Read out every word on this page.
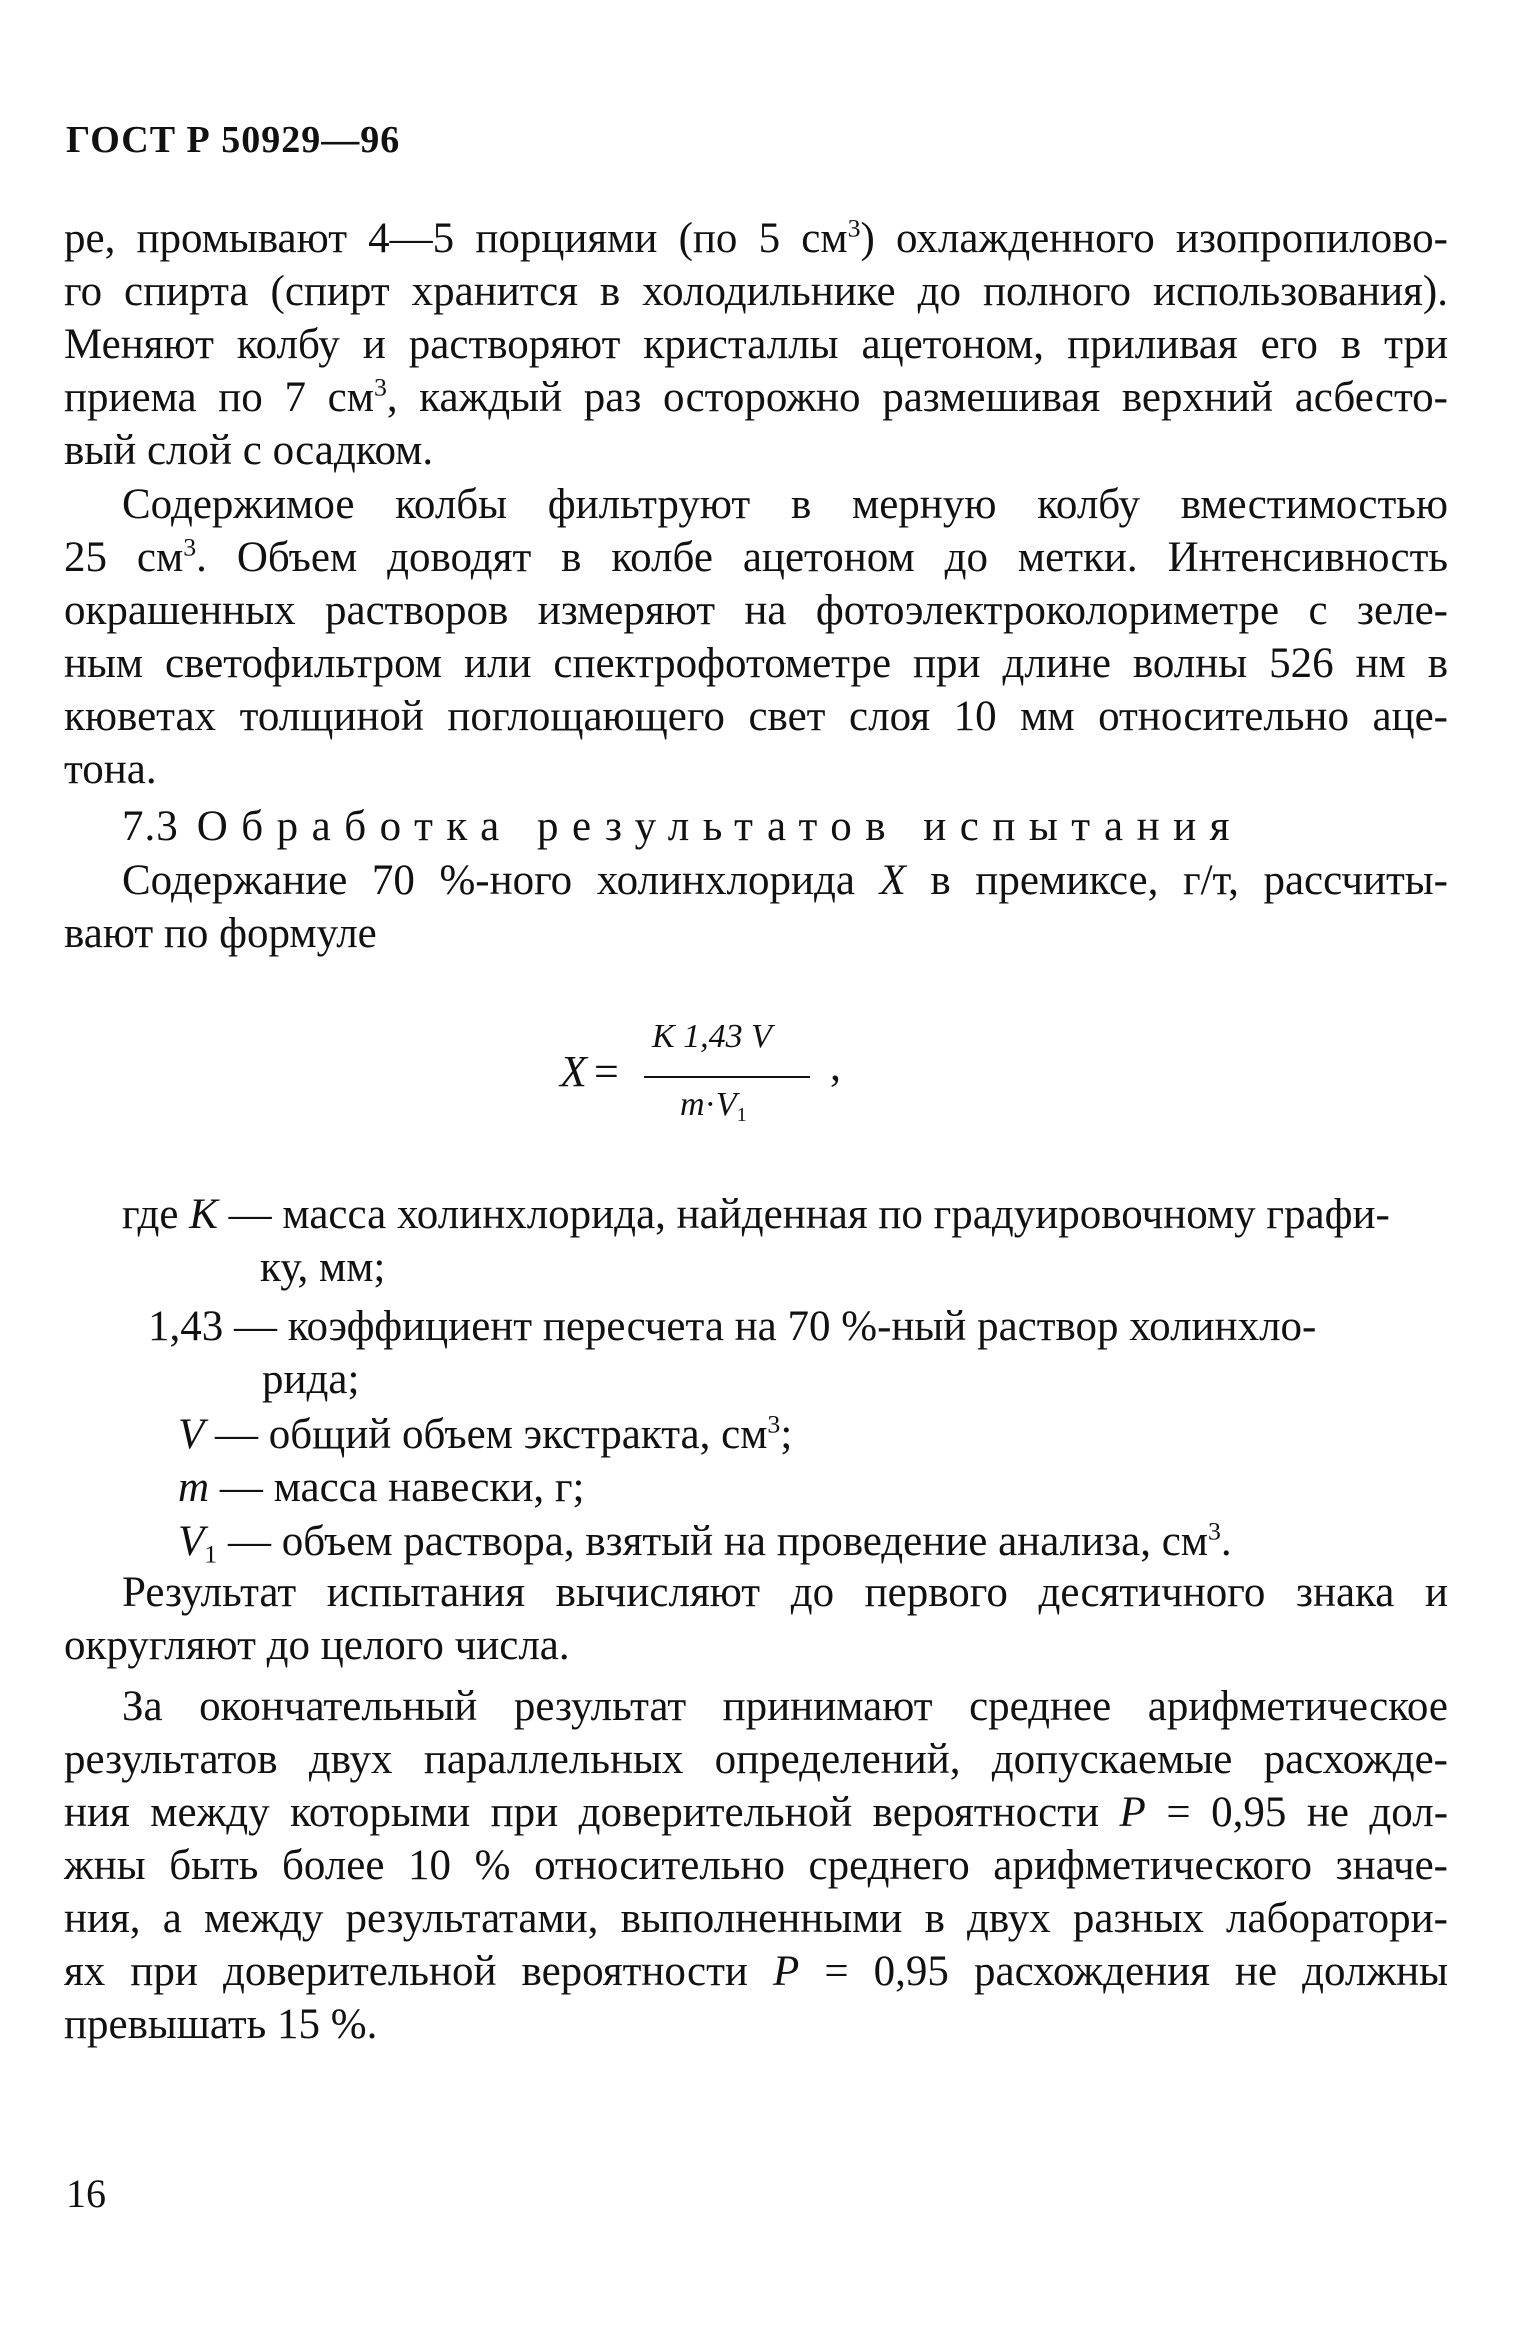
ГОСТ Р 50929—96
ре, промывают 4—5 порциями (по 5 $см^3$) охлажденного изопропилово-
го спирта (спирт хранится в холодильнике до полного использования).
Меняют колбу и растворяют кристаллы ацетоном, приливая его в три
приема по 7 $см^3$, каждый раз осторожно размешивая верхний асбесто-
вый слой с осадком.
Содержимое колбы фильтруют в мерную колбу вместимостью
25 $см^3$. Объем доводят в колбе ацетоном до метки. Интенсивность
окрашенных растворов измеряют на фотоэлектроколориметре с зеле-
ным светофильтром или спектрофотометре при длине волны 526 нм в
кюветах толщиной поглощающего свет слоя 10 мм относительно аце-
тона.
7.3 Обработка результатов испытания
Содержание 70 %-ного холинхлорида X в премиксе, г/т, рассчиты-
вают по формуле
X =
K 1,43 V
$m\cdot V_1$
,
где K — масса холинхлорида, найденная по градуировочному графи-
ку, мм;
1,43 — коэффициент пересчета на 70 %-ный раствор холинхло-
рида;
V — общий объем экстракта, $см^3$;
m — масса навески, г;
$V_1$ — объем раствора, взятый на проведение анализа, $см^3$.
Результат испытания вычисляют до первого десятичного знака и
округляют до целого числа.
За окончательный результат принимают среднее арифметическое
результатов двух параллельных определений, допускаемые расхожде-
ния между которыми при доверительной вероятности P = 0,95 не дол-
жны быть более 10 % относительно среднего арифметического значе-
ния, а между результатами, выполненными в двух разных лаборатори-
ях при доверительной вероятности P = 0,95 расхождения не должны
превышать 15 %.
16
